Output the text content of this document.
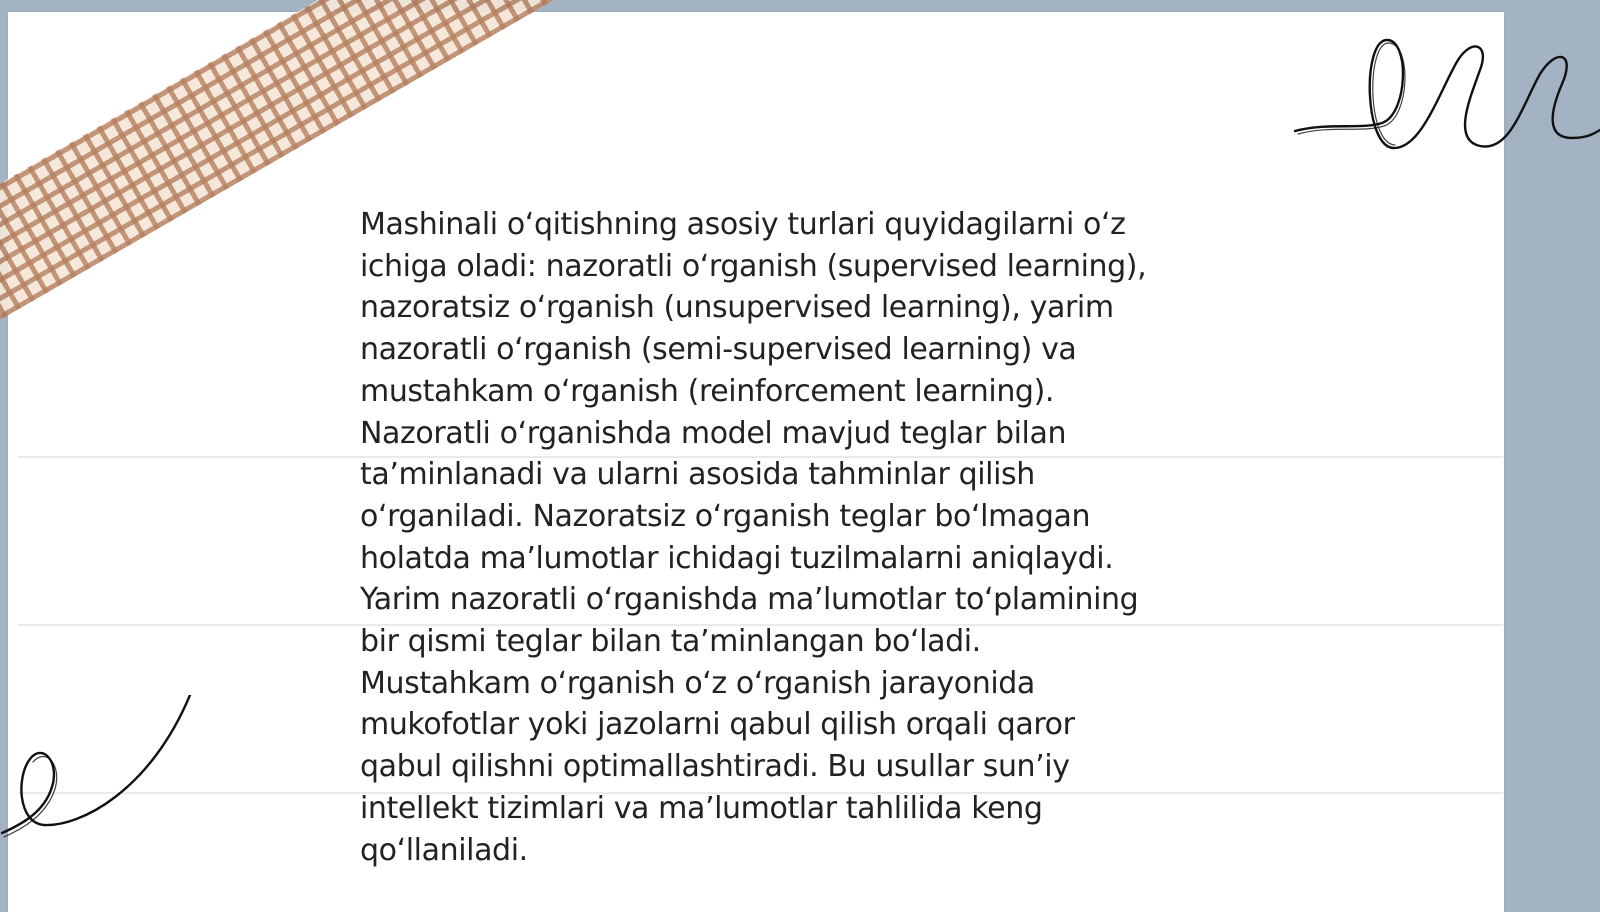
Mashinali oʻqitishning asosiy turlari quyidagilarni oʻz
ichiga oladi: nazoratli oʻrganish (supervised learning),
nazoratsiz oʻrganish (unsupervised learning), yarim
nazoratli oʻrganish (semi-supervised learning) va
mustahkam oʻrganish (reinforcement learning).
Nazoratli oʻrganishda model mavjud teglar bilan
taʼminlanadi va ularni asosida tahminlar qilish
oʻrganiladi. Nazoratsiz oʻrganish teglar boʻlmagan
holatda maʼlumotlar ichidagi tuzilmalarni aniqlaydi.
Yarim nazoratli oʻrganishda maʼlumotlar toʻplamining
bir qismi teglar bilan taʼminlangan boʻladi.
Mustahkam oʻrganish oʻz oʻrganish jarayonida
mukofotlar yoki jazolarni qabul qilish orqali qaror
qabul qilishni optimallashtiradi. Bu usullar sunʼiy
intellekt tizimlari va maʼlumotlar tahlilida keng
qoʻllaniladi.
